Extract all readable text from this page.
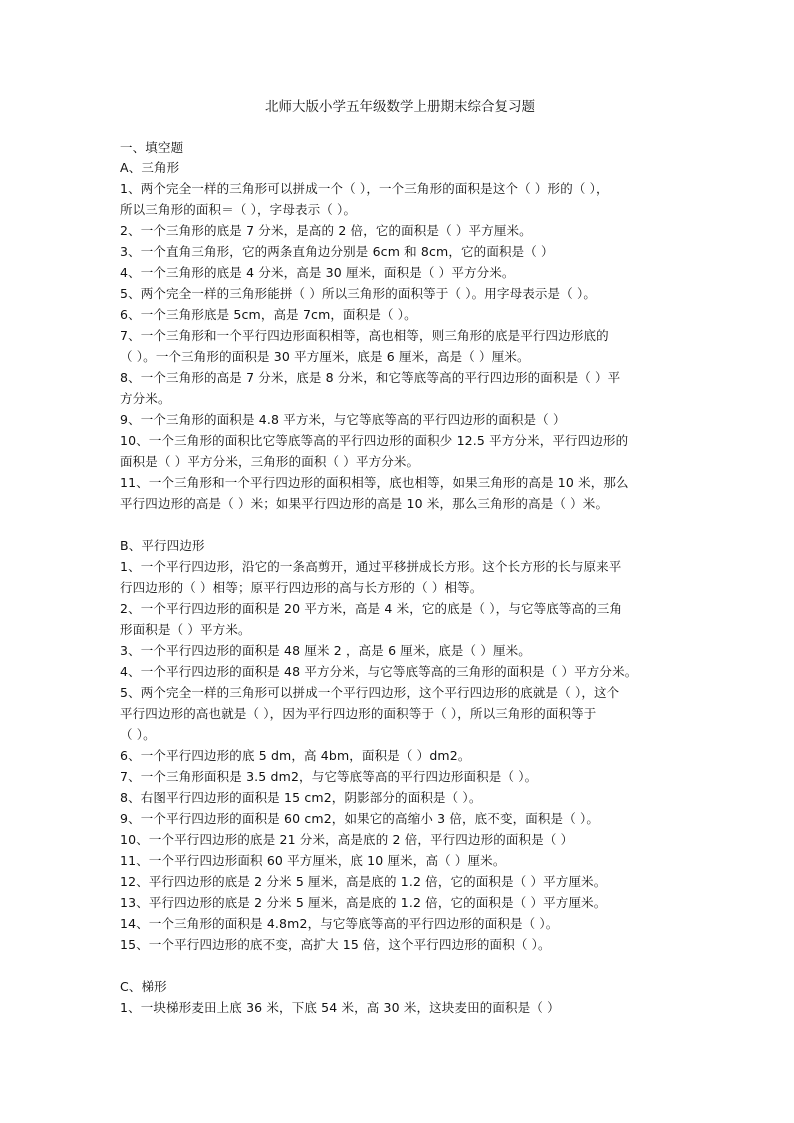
北师大版小学五年级数学上册期末综合复习题
一、填空题
A、三角形
1、两个完全一样的三角形可以拼成一个（ ），一个三角形的面积是这个（ ）形的（ ），
所以三角形的面积＝（ ），字母表示（ ）。
2、一个三角形的底是 7 分米，是高的 2 倍，它的面积是（ ）平方厘米。
3、一个直角三角形，它的两条直角边分别是 6cm 和 8cm，它的面积是（ ）
4、一个三角形的底是 4 分米，高是 30 厘米，面积是（ ）平方分米。
5、两个完全一样的三角形能拼（ ）所以三角形的面积等于（ ）。用字母表示是（ ）。
6、一个三角形底是 5cm，高是 7cm，面积是（ ）。
7、一个三角形和一个平行四边形面积相等，高也相等，则三角形的底是平行四边形底的
（ ）。一个三角形的面积是 30 平方厘米，底是 6 厘米，高是（ ）厘米。
8、一个三角形的高是 7 分米，底是 8 分米，和它等底等高的平行四边形的面积是（ ）平
方分米。
9、一个三角形的面积是 4.8 平方米，与它等底等高的平行四边形的面积是（ ）
10、一个三角形的面积比它等底等高的平行四边形的面积少 12.5 平方分米，平行四边形的
面积是（ ）平方分米，三角形的面积（ ）平方分米。
11、一个三角形和一个平行四边形的面积相等，底也相等，如果三角形的高是 10 米，那么
平行四边形的高是（ ）米；如果平行四边形的高是 10 米，那么三角形的高是（ ）米。
B、平行四边形
1、一个平行四边形，沿它的一条高剪开，通过平移拼成长方形。这个长方形的长与原来平
行四边形的（ ）相等；原平行四边形的高与长方形的（ ）相等。
2、一个平行四边形的面积是 20 平方米，高是 4 米，它的底是（ ），与它等底等高的三角
形面积是（ ）平方米。
3、一个平行四边形的面积是 48 厘米 2 ，高是 6 厘米，底是（ ）厘米。
4、一个平行四边形的面积是 48 平方分米，与它等底等高的三角形的面积是（ ）平方分米。
5、两个完全一样的三角形可以拼成一个平行四边形，这个平行四边形的底就是（ ），这个
平行四边形的高也就是（ ），因为平行四边形的面积等于（ ），所以三角形的面积等于
（ ）。
6、一个平行四边形的底 5 dm，高 4bm，面积是（ ）dm2。
7、一个三角形面积是 3.5 dm2，与它等底等高的平行四边形面积是（ ）。
8、右图平行四边形的面积是 15 cm2，阴影部分的面积是（ ）。
9、一个平行四边形的面积是 60 cm2，如果它的高缩小 3 倍，底不变，面积是（ ）。
10、一个平行四边形的底是 21 分米，高是底的 2 倍，平行四边形的面积是（ ）
11、一个平行四边形面积 60 平方厘米，底 10 厘米，高（ ）厘米。
12、平行四边形的底是 2 分米 5 厘米，高是底的 1.2 倍，它的面积是（ ）平方厘米。
13、平行四边形的底是 2 分米 5 厘米，高是底的 1.2 倍，它的面积是（ ）平方厘米。
14、一个三角形的面积是 4.8m2，与它等底等高的平行四边形的面积是（ ）。
15、一个平行四边形的底不变，高扩大 15 倍，这个平行四边形的面积（ ）。
C、梯形
1、一块梯形麦田上底 36 米，下底 54 米，高 30 米，这块麦田的面积是（ ）
